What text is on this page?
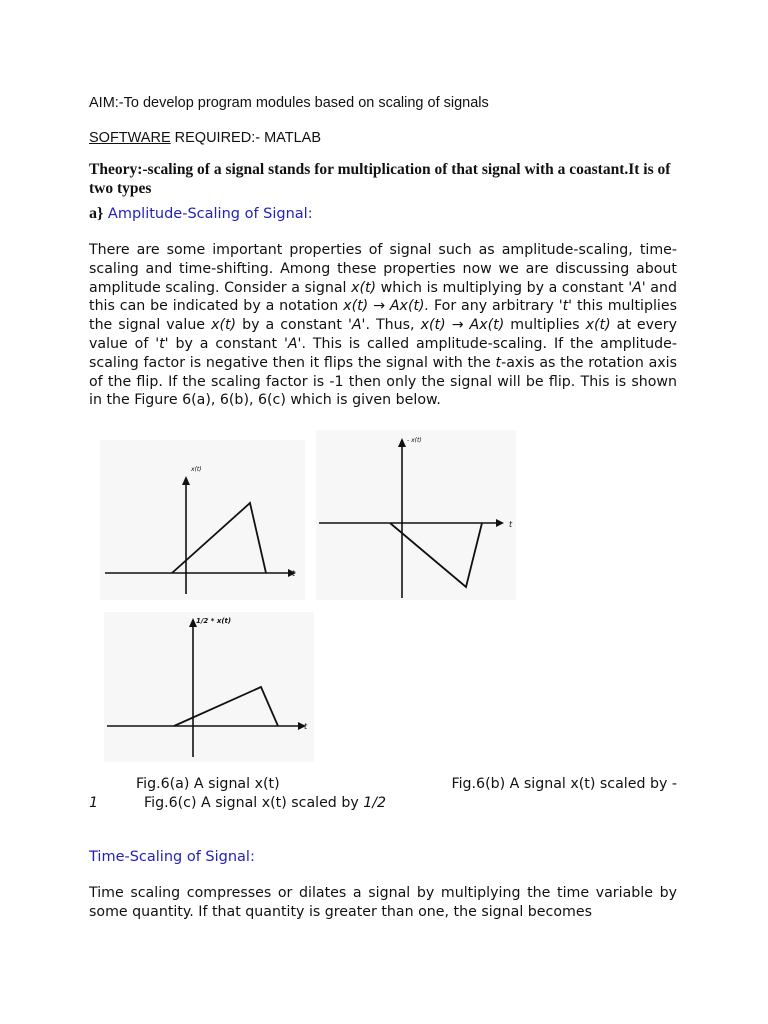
AIM:-To develop program modules based on scaling of signals
SOFTWARE REQUIRED:- MATLAB
Theory:-scaling of a signal stands for multiplication of that signal with a coastant.It is of two types
a} Amplitude-Scaling of Signal:
There are some important properties of signal such as amplitude-scaling, time-scaling and time-shifting. Among these properties now we are discussing about amplitude scaling. Consider a signal x(t) which is multiplying by a constant 'A' and this can be indicated by a notation x(t) → Ax(t). For any arbitrary 't' this multiplies the signal value x(t) by a constant 'A'. Thus, x(t) → Ax(t) multiplies x(t) at every value of 't' by a constant 'A'. This is called amplitude-scaling. If the amplitude-scaling factor is negative then it flips the signal with the t-axis as the rotation axis of the flip. If the scaling factor is -1 then only the signal will be flip. This is shown in the Figure 6(a), 6(b), 6(c) which is given below.
x(t)
t
- x(t)
t
1/2 * x(t)
t
Fig.6(a) A signal x(t)	Fig.6(b) A signal x(t) scaled by -
1	Fig.6(c) A signal x(t) scaled by 1/2
Time-Scaling of Signal:
Time scaling compresses or dilates a signal by multiplying the time variable by some quantity. If that quantity is greater than one, the signal becomes
